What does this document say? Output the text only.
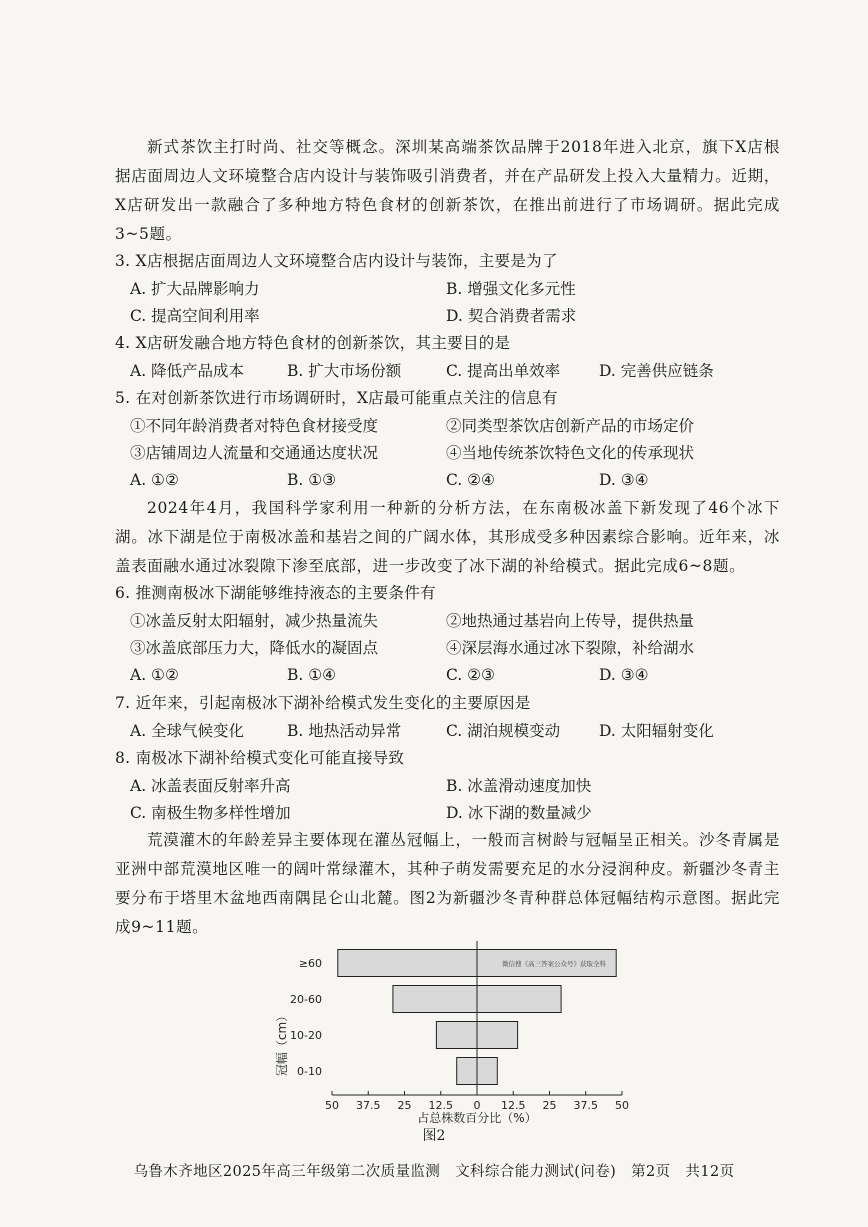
新式茶饮主打时尚、社交等概念。深圳某高端茶饮品牌于2018年进入北京，旗下X店根据店面周边人文环境整合店内设计与装饰吸引消费者，并在产品研发上投入大量精力。近期，X店研发出一款融合了多种地方特色食材的创新茶饮，在推出前进行了市场调研。据此完成3~5题。
3. X店根据店面周边人文环境整合店内设计与装饰，主要是为了
A. 扩大品牌影响力	B. 增强文化多元性
C. 提高空间利用率	D. 契合消费者需求
4. X店研发融合地方特色食材的创新茶饮，其主要目的是
A. 降低产品成本	B. 扩大市场份额	C. 提高出单效率	D. 完善供应链条
5. 在对创新茶饮进行市场调研时，X店最可能重点关注的信息有
①不同年龄消费者对特色食材接受度	②同类型茶饮店创新产品的市场定价
③店铺周边人流量和交通通达度状况	④当地传统茶饮特色文化的传承现状
A. ①②	B. ①③	C. ②④	D. ③④
2024年4月，我国科学家利用一种新的分析方法，在东南极冰盖下新发现了46个冰下湖。冰下湖是位于南极冰盖和基岩之间的广阔水体，其形成受多种因素综合影响。近年来，冰盖表面融水通过冰裂隙下渗至底部，进一步改变了冰下湖的补给模式。据此完成6~8题。
6. 推测南极冰下湖能够维持液态的主要条件有
①冰盖反射太阳辐射，减少热量流失	②地热通过基岩向上传导，提供热量
③冰盖底部压力大，降低水的凝固点	④深层海水通过冰下裂隙，补给湖水
A. ①②	B. ①④	C. ②③	D. ③④
7. 近年来，引起南极冰下湖补给模式发生变化的主要原因是
A. 全球气候变化	B. 地热活动异常	C. 湖泊规模变动	D. 太阳辐射变化
8. 南极冰下湖补给模式变化可能直接导致
A. 冰盖表面反射率升高	B. 冰盖滑动速度加快
C. 南极生物多样性增加	D. 冰下湖的数量减少
荒漠灌木的年龄差异主要体现在灌丛冠幅上，一般而言树龄与冠幅呈正相关。沙冬青属是亚洲中部荒漠地区唯一的阔叶常绿灌木，其种子萌发需要充足的水分浸润种皮。新疆沙冬青主要分布于塔里木盆地西南隅昆仑山北麓。图2为新疆沙冬青种群总体冠幅结构示意图。据此完成9~11题。
≥60
20-60
10-20
0-10
50 37.5 25 12.5 0 12.5 25 37.5 50
微信搜《高三答案公众号》获取全科
冠幅（cm）
占总株数百分比（%）
图2
乌鲁木齐地区2025年高三年级第二次质量监测　文科综合能力测试(问卷)　第2页　共12页
